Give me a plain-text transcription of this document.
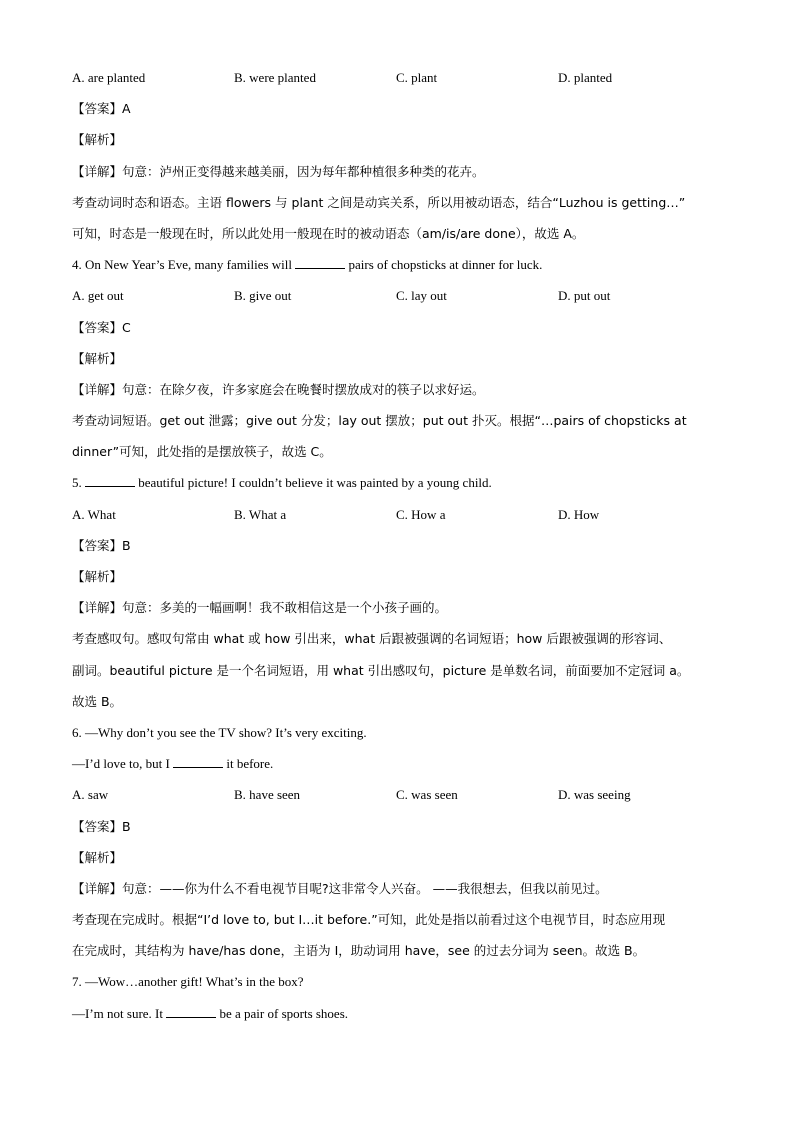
A. are planted	B. were planted	C. plant	D. planted
【答案】A
【解析】
【详解】句意：泸州正变得越来越美丽，因为每年都种植很多种类的花卉。
考查动词时态和语态。主语 flowers 与 plant 之间是动宾关系，所以用被动语态，结合“Luzhou is getting…”
可知，时态是一般现在时，所以此处用一般现在时的被动语态（am/is/are done），故选 A。
4. On New Year’s Eve, many families will	pairs of chopsticks at dinner for luck.
A. get out	B. give out	C. lay out	D. put out
【答案】C
【解析】
【详解】句意：在除夕夜，许多家庭会在晚餐时摆放成对的筷子以求好运。
考查动词短语。get out 泄露；give out 分发；lay out 摆放；put out 扑灭。根据“…pairs of chopsticks at
dinner”可知，此处指的是摆放筷子，故选 C。
5.	beautiful picture! I couldn’t believe it was painted by a young child.
A. What	B. What a	C. How a	D. How
【答案】B
【解析】
【详解】句意：多美的一幅画啊！我不敢相信这是一个小孩子画的。
考查感叹句。感叹句常由 what 或 how 引出来，what 后跟被强调的名词短语；how 后跟被强调的形容词、
副词。beautiful picture 是一个名词短语，用 what 引出感叹句，picture 是单数名词，前面要加不定冠词 a。
故选 B。
6. —Why don’t you see the TV show? It’s very exciting.
—I’d love to, but I	it before.
A. saw	B. have seen	C. was seen	D. was seeing
【答案】B
【解析】
【详解】句意：——你为什么不看电视节目呢?这非常令人兴奋。 ——我很想去，但我以前见过。
考查现在完成时。根据“I’d love to, but I…it before.”可知，此处是指以前看过这个电视节目，时态应用现
在完成时，其结构为 have/has done，主语为 I，助动词用 have，see 的过去分词为 seen。故选 B。
7. —Wow…another gift! What’s in the box?
—I’m not sure. It	be a pair of sports shoes.
